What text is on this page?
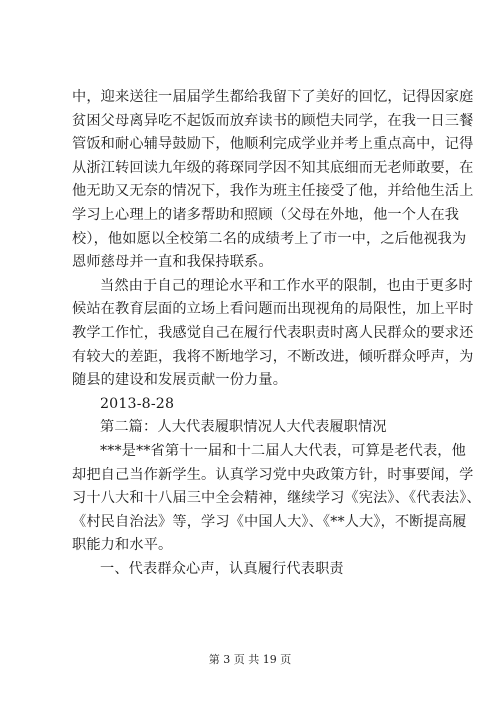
中，迎来送往一届届学生都给我留下了美好的回忆，记得因家庭
贫困父母离异吃不起饭而放弃读书的顾恺夫同学，在我一日三餐
管饭和耐心辅导鼓励下，他顺利完成学业并考上重点高中，记得
从浙江转回读九年级的蒋琛同学因不知其底细而无老师敢要，在
他无助又无奈的情况下，我作为班主任接受了他，并给他生活上
学习上心理上的诸多帮助和照顾（父母在外地，他一个人在我
校），他如愿以全校第二名的成绩考上了市一中，之后他视我为
恩师慈母并一直和我保持联系。
当然由于自己的理论水平和工作水平的限制，也由于更多时
候站在教育层面的立场上看问题而出现视角的局限性，加上平时
教学工作忙，我感觉自己在履行代表职责时离人民群众的要求还
有较大的差距，我将不断地学习，不断改进，倾听群众呼声，为
随县的建设和发展贡献一份力量。
2013-8-28
第二篇：人大代表履职情况人大代表履职情况
***是**省第十一届和十二届人大代表，可算是老代表，他
却把自己当作新学生。认真学习党中央政策方针，时事要闻，学
习十八大和十八届三中全会精神，继续学习《宪法》、《代表法》、
《村民自治法》等，学习《中国人大》、《**人大》，不断提高履
职能力和水平。
一、代表群众心声，认真履行代表职责
第 3 页 共 19 页
